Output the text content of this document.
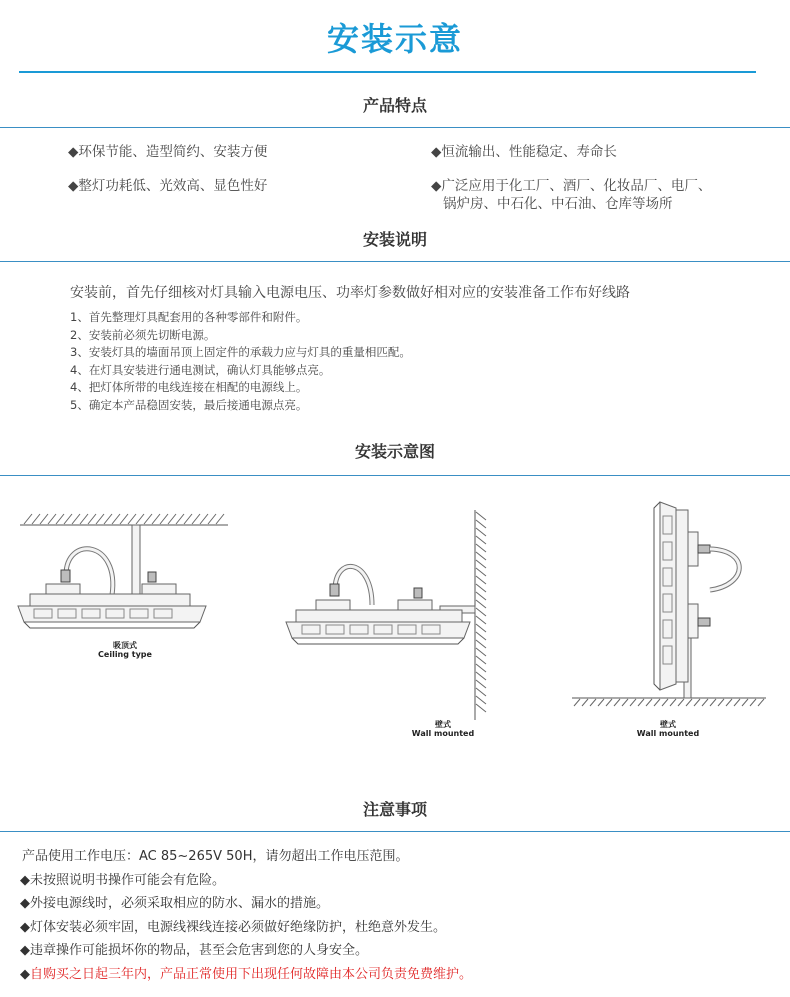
安装示意
产品特点
◆环保节能、造型简约、安装方便	◆恒流输出、性能稳定、寿命长
◆整灯功耗低、光效高、显色性好	◆广泛应用于化工厂、酒厂、化妆品厂、电厂、
锅炉房、中石化、中石油、仓库等场所
安装说明
安装前，首先仔细核对灯具输入电源电压、功率灯参数做好相对应的安装准备工作布好线路
1、首先整理灯具配套用的各种零部件和附件。
2、安装前必须先切断电源。
3、安装灯具的墙面吊顶上固定件的承载力应与灯具的重量相匹配。
4、在灯具安装进行通电测试，确认灯具能够点亮。
4、把灯体所带的电线连接在相配的电源线上。
5、确定本产品稳固安装，最后接通电源点亮。
安装示意图
吸顶式
Ceiling type
壁式
Wall mounted
壁式
Wall mounted
注意事项
产品使用工作电压：AC 85~265V 50H，请勿超出工作电压范围。
◆未按照说明书操作可能会有危险。
◆外接电源线时，必须采取相应的防水、漏水的措施。
◆灯体安装必须牢固，电源线裸线连接必须做好绝缘防护，杜绝意外发生。
◆违章操作可能损坏你的物品，甚至会危害到您的人身安全。
◆自购买之日起三年内，产品正常使用下出现任何故障由本公司负责免费维护。
